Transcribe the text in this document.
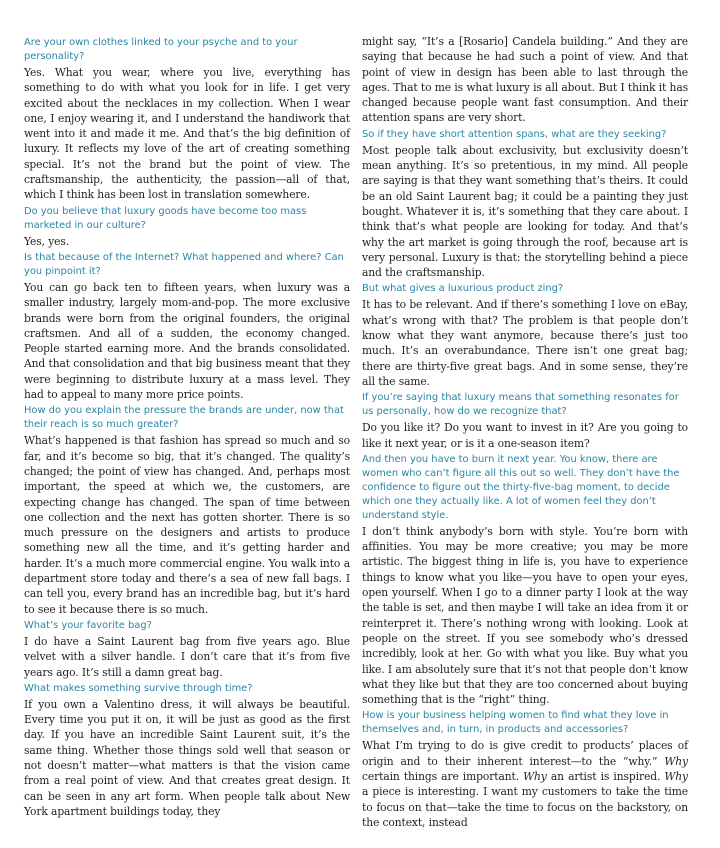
Are your own clothes linked to your psyche and to your personality?

Yes. What you wear, where you live, everything has something to do with what you look for in life. I get very excited about the necklaces in my collection. When I wear one, I enjoy wearing it, and I understand the handiwork that went into it and made it me. And that’s the big definition of luxury. It reflects my love of the art of creating something special. It’s not the brand but the point of view. The craftsmanship, the authenticity, the passion—all of that, which I think has been lost in translation somewhere.

Do you believe that luxury goods have become too mass marketed in our culture?

Yes, yes.

Is that because of the Internet? What happened and where? Can you pinpoint it?

You can go back ten to fifteen years, when luxury was a smaller industry, largely mom-and-pop. The more exclusive brands were born from the original founders, the original craftsmen. And all of a sudden, the economy changed. People started earning more. And the brands consolidated. And that consolidation and that big business meant that they were beginning to distribute luxury at a mass level. They had to appeal to many more price points.

How do you explain the pressure the brands are under, now that their reach is so much greater?

What’s happened is that fashion has spread so much and so far, and it’s become so big, that it’s changed. The quality’s changed; the point of view has changed. And, perhaps most important, the speed at which we, the customers, are expecting change has changed. The span of time between one collection and the next has gotten shorter. There is so much pressure on the designers and artists to produce something new all the time, and it’s getting harder and harder. It’s a much more commercial engine. You walk into a department store today and there’s a sea of new fall bags. I can tell you, every brand has an incredible bag, but it’s hard to see it because there is so much.

What’s your favorite bag?

I do have a Saint Laurent bag from five years ago. Blue velvet with a silver handle. I don’t care that it’s from five years ago. It’s still a damn great bag.

What makes something survive through time?

If you own a Valentino dress, it will always be beautiful. Every time you put it on, it will be just as good as the first day. If you have an incredible Saint Laurent suit, it’s the same thing. Whether those things sold well that season or not doesn’t matter—what matters is that the vision came from a real point of view. And that creates great design. It can be seen in any art form. When people talk about New York apartment buildings today, they

might say, “It’s a [Rosario] Candela building.” And they are saying that because he had such a point of view. And that point of view in design has been able to last through the ages. That to me is what luxury is all about. But I think it has changed because people want fast consumption. And their attention spans are very short.

So if they have short attention spans, what are they seeking?

Most people talk about exclusivity, but exclusivity doesn’t mean anything. It’s so pretentious, in my mind. All people are saying is that they want something that’s theirs. It could be an old Saint Laurent bag; it could be a painting they just bought. Whatever it is, it’s something that they care about. I think that’s what people are looking for today. And that’s why the art market is going through the roof, because art is very personal. Luxury is that: the storytelling behind a piece and the craftsmanship.

But what gives a luxurious product zing?

It has to be relevant. And if there’s something I love on eBay, what’s wrong with that? The problem is that people don’t know what they want anymore, because there’s just too much. It’s an overabundance. There isn’t one great bag; there are thirty-five great bags. And in some sense, they’re all the same.

If you’re saying that luxury means that something resonates for us personally, how do we recognize that?

Do you like it? Do you want to invest in it? Are you going to like it next year, or is it a one-season item?

And then you have to burn it next year. You know, there are women who can’t figure all this out so well. They don’t have the confidence to figure out the thirty-five-bag moment, to decide which one they actually like. A lot of women feel they don’t understand style.

I don’t think anybody’s born with style. You’re born with affinities. You may be more creative; you may be more artistic. The biggest thing in life is, you have to experience things to know what you like—you have to open your eyes, open yourself. When I go to a dinner party I look at the way the table is set, and then maybe I will take an idea from it or reinterpret it. There’s nothing wrong with looking. Look at people on the street. If you see somebody who’s dressed incredibly, look at her. Go with what you like. Buy what you like. I am absolutely sure that it’s not that people don’t know what they like but that they are too concerned about buying something that is the “right” thing.

How is your business helping women to find what they love in themselves and, in turn, in products and accessories?

What I’m trying to do is give credit to products’ places of origin and to their inherent interest—to the “why.” Why certain things are important. Why an artist is inspired. Why a piece is interesting. I want my customers to take the time to focus on that—take the time to focus on the backstory, on the context, instead
